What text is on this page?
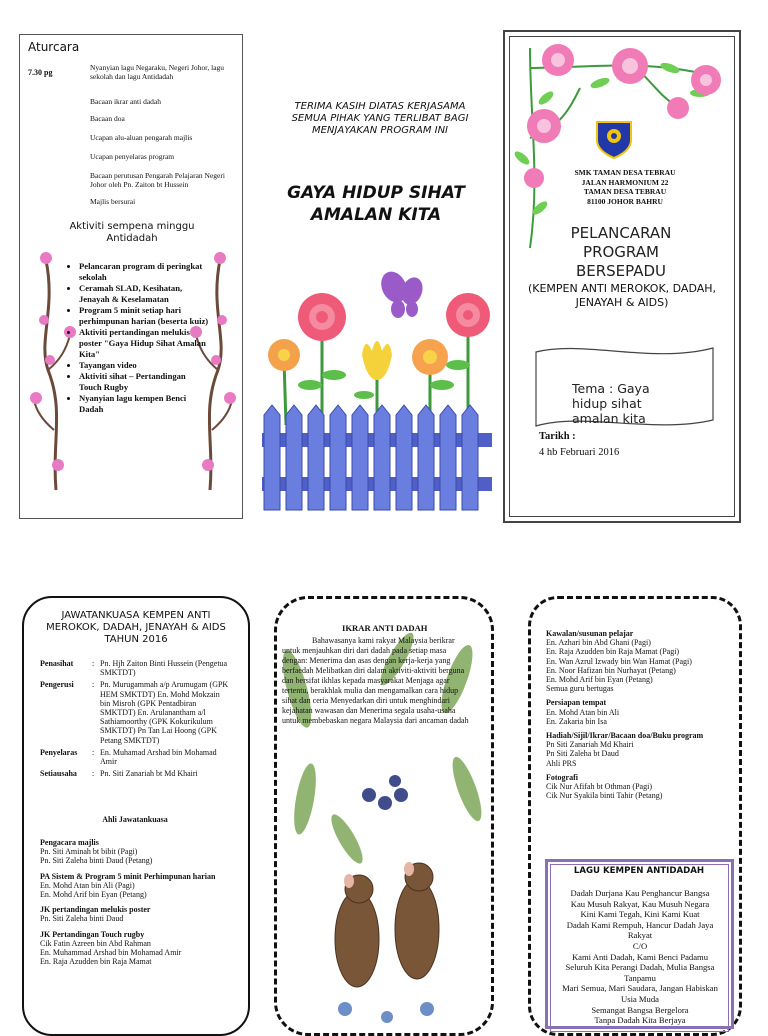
Aturcara
7.30 pg
Nyanyian lagu Negaraku, Negeri Johor, lagu sekolah dan lagu Antidadah
Bacaan ikrar anti dadah
Bacaan doa
Ucapan alu-aluan pengarah majlis
Ucapan penyelaras program
Bacaan perutusan Pengarah Pelajaran Negeri Johor oleh Pn. Zaiton bt Hussein
Majlis bersurai
Aktiviti sempena minggu Antidadah
• Pelancaran program di peringkat sekolah
• Ceramah SLAD, Kesihatan, Jenayah & Keselamatan
• Program 5 minit setiap hari perhimpunan harian (beserta kuiz)
• Aktiviti pertandingan melukis poster "Gaya Hidup Sihat Amalan Kita"
• Tayangan video
• Aktiviti sihat – Pertandingan Touch Rugby
• Nyanyian lagu kempen Benci Dadah
TERIMA KASIH DIATAS KERJASAMA SEMUA PIHAK YANG TERLIBAT BAGI MENJAYAKAN PROGRAM INI
GAYA HIDUP SIHAT
AMALAN KITA
SMK TAMAN DESA TEBRAU
JALAN HARMONIUM 22
TAMAN DESA TEBRAU
81100 JOHOR BAHRU
PELANCARAN
PROGRAM
BERSEPADU
(KEMPEN ANTI MEROKOK, DADAH, JENAYAH & AIDS)
Tema : Gaya hidup sihat amalan kita
Tarikh :
4 hb Februari 2016
JAWATANKUASA KEMPEN ANTI MEROKOK, DADAH, JENAYAH & AIDS TAHUN 2016
Penasihat	: Pn. Hjh Zaiton Binti Hussein (Pengetua SMKTDT)
Pengerusi	: Pn. Murugammah a/p Arumugam (GPK HEM SMKTDT) En. Mohd Mokzain bin Misroh (GPK Pentadbiran SMKTDT) En. Arulanantham a/l Sathiamoorthy (GPK Kokurikulum SMKTDT) Pn Tan Lai Hoong (GPK Petang SMKTDT)
Penyelaras	: En. Muhamad Arshad bin Mohamad Amir
Setiausaha	: Pn. Siti Zanariah bt Md Khairi
Ahli Jawatankuasa
Pengacara majlis
Pn. Siti Aminah bt bibit (Pagi)
Pn. Siti Zaleha binti Daud (Petang)
PA Sistem & Program 5 minit Perhimpunan harian
En. Mohd Atan bin Ali (Pagi)
En. Mohd Arif bin Eyan (Petang)
JK pertandingan melukis poster
Pn. Siti Zaleha binti Daud
JK Pertandingan Touch rugby
Cik Fatin Azreen bin Abd Rahman
En. Muhammad Arshad bin Mohamad Amir
En. Raja Azudden bin Raja Mamat
IKRAR ANTI DADAH
Bahawasanya kami rakyat Malaysia berikrar untuk menjauhkan diri dari dadah pada setiap masa dengan: Menerima dan asas dengan kerja-kerja yang berfaedah Melibatkan diri dalam aktiviti-aktiviti berguna dan bersifat ikhlas kepada masyarakat Menjaga agar tertentu, berakhlak mulia dan mengamalkan cara hidup sihat dan ceria Menyedarkan diri untuk menghindari kejahatan wawasan dan Menerima segala usaha-usaha untuk membebaskan negara Malaysia dari ancaman dadah
Kawalan/susunan pelajar
En. Azhari bin Abd Ghani (Pagi)
En. Raja Azudden bin Raja Mamat (Pagi)
En. Wan Azrul Izwady bin Wan Hamat (Pagi)
En. Noor Hafizan bin Nurhayat (Petang)
En. Mohd Arif bin Eyan (Petang)
Semua guru bertugas
Persiapan tempat
En. Mohd Atan bin Ali
En. Zakaria bin Isa
Hadiah/Sijil/Ikrar/Bacaan doa/Buku program
Pn Siti Zanariah Md Khairi
Pn Siti Zaleha bt Daud
Ahli PRS
Fotografi
Cik Nur Afifah bt Othman (Pagi)
Cik Nur Syakila binti Tahir (Petang)
LAGU KEMPEN ANTIDADAH
Dadah Durjana Kau Penghancur Bangsa
Kau Musuh Rakyat, Kau Musuh Negara
Kini Kami Tegah, Kini Kami Kuat
Dadah Kami Rempuh, Hancur Dadah Jaya Rakyat
C/O
Kami Anti Dadah, Kami Benci Padamu
Seluruh Kita Perangi Dadah, Mulia Bangsa Tanpamu
Mari Semua, Mari Saudara, Jangan Habiskan Usia Muda
Semangat Bangsa Bergelora
Tanpa Dadah Kita Berjaya
